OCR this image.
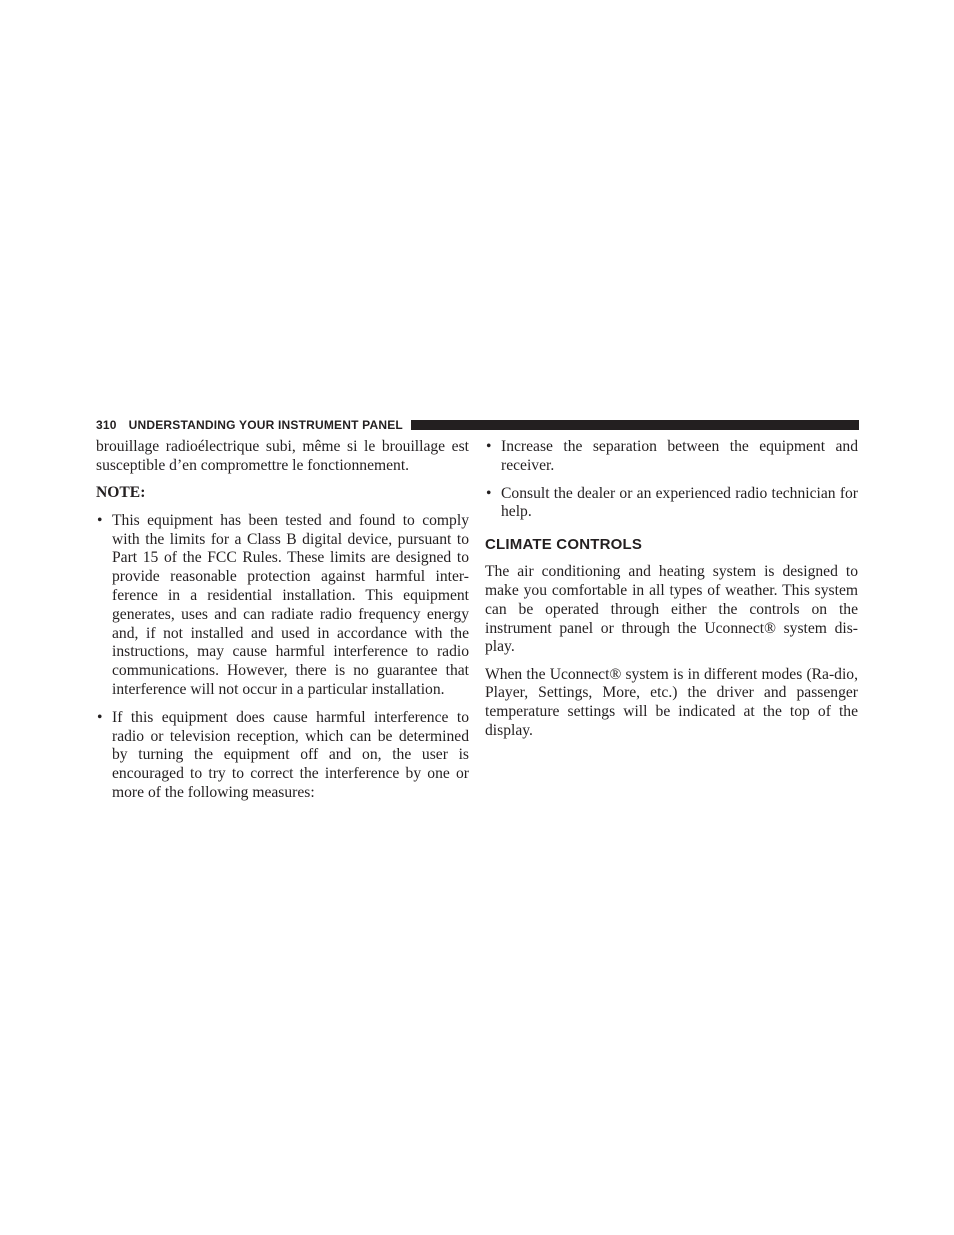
310 UNDERSTANDING YOUR INSTRUMENT PANEL

brouillage radioélectrique subi, même si le brouillage est susceptible d’en compromettre le fonctionnement.

NOTE:

• This equipment has been tested and found to comply with the limits for a Class B digital device, pursuant to Part 15 of the FCC Rules. These limits are designed to provide reasonable protection against harmful inter-ference in a residential installation. This equipment generates, uses and can radiate radio frequency energy and, if not installed and used in accordance with the instructions, may cause harmful interference to radio communications. However, there is no guarantee that interference will not occur in a particular installation.
• If this equipment does cause harmful interference to radio or television reception, which can be determined by turning the equipment off and on, the user is encouraged to try to correct the interference by one or more of the following measures:
• Increase the separation between the equipment and receiver.
• Consult the dealer or an experienced radio technician for help.
CLIMATE CONTROLS

The air conditioning and heating system is designed to make you comfortable in all types of weather. This system can be operated through either the controls on the instrument panel or through the Uconnect® system dis-play.

When the Uconnect® system is in different modes (Ra-dio, Player, Settings, More, etc.) the driver and passenger temperature settings will be indicated at the top of the display.
